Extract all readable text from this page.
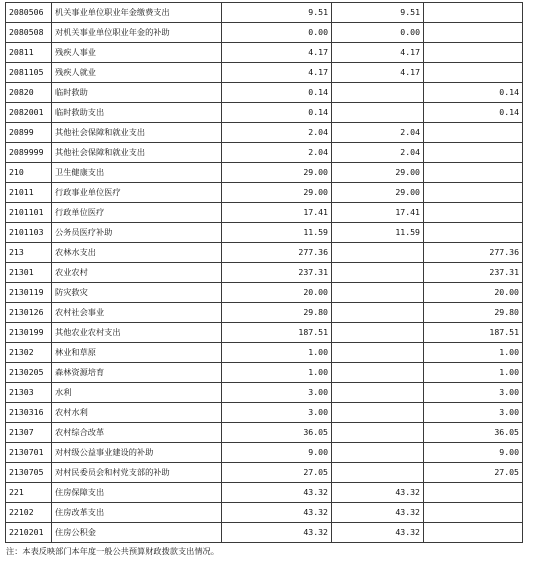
2080506	机关事业单位职业年金缴费支出	9.51	9.51	
2080508	对机关事业单位职业年金的补助	0.00	0.00	
20811	残疾人事业	4.17	4.17	
2081105	残疾人就业	4.17	4.17	
20820	临时救助	0.14		0.14
2082001	临时救助支出	0.14		0.14
20899	其他社会保障和就业支出	2.04	2.04	
2089999	其他社会保障和就业支出	2.04	2.04	
210	卫生健康支出	29.00	29.00	
21011	行政事业单位医疗	29.00	29.00	
2101101	行政单位医疗	17.41	17.41	
2101103	公务员医疗补助	11.59	11.59	
213	农林水支出	277.36		277.36
21301	农业农村	237.31		237.31
2130119	防灾救灾	20.00		20.00
2130126	农村社会事业	29.80		29.80
2130199	其他农业农村支出	187.51		187.51
21302	林业和草原	1.00		1.00
2130205	森林资源培育	1.00		1.00
21303	水利	3.00		3.00
2130316	农村水利	3.00		3.00
21307	农村综合改革	36.05		36.05
2130701	对村级公益事业建设的补助	9.00		9.00
2130705	对村民委员会和村党支部的补助	27.05		27.05
221	住房保障支出	43.32	43.32	
22102	住房改革支出	43.32	43.32	
2210201	住房公积金	43.32	43.32	
注：本表反映部门本年度一般公共预算财政拨款支出情况。
